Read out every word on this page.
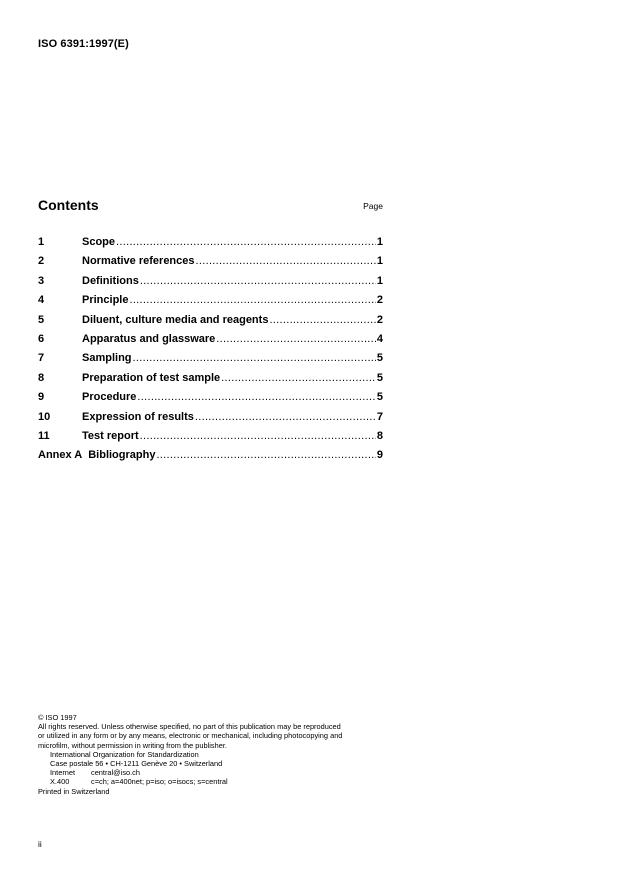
ISO 6391:1997(E)
Contents	Page
1	Scope .....	1
2	Normative references .....	1
3	Definitions .....	1
4	Principle .....	2
5	Diluent, culture media and reagents .....	2
6	Apparatus and glassware .....	4
7	Sampling .....	5
8	Preparation of test sample .....	5
9	Procedure .....	5
10	Expression of results .....	7
11	Test report .....	8
Annex A Bibliography .....	9
© ISO 1997
All rights reserved. Unless otherwise specified, no part of this publication may be reproduced
or utilized in any form or by any means, electronic or mechanical, including photocopying and
microfilm, without permission in writing from the publisher.
International Organization for Standardization
Case postale 56 • CH-1211 Genève 20 • Switzerland
Internet	central@iso.ch
X.400	c=ch; a=400net; p=iso; o=isocs; s=central
Printed in Switzerland
ii
